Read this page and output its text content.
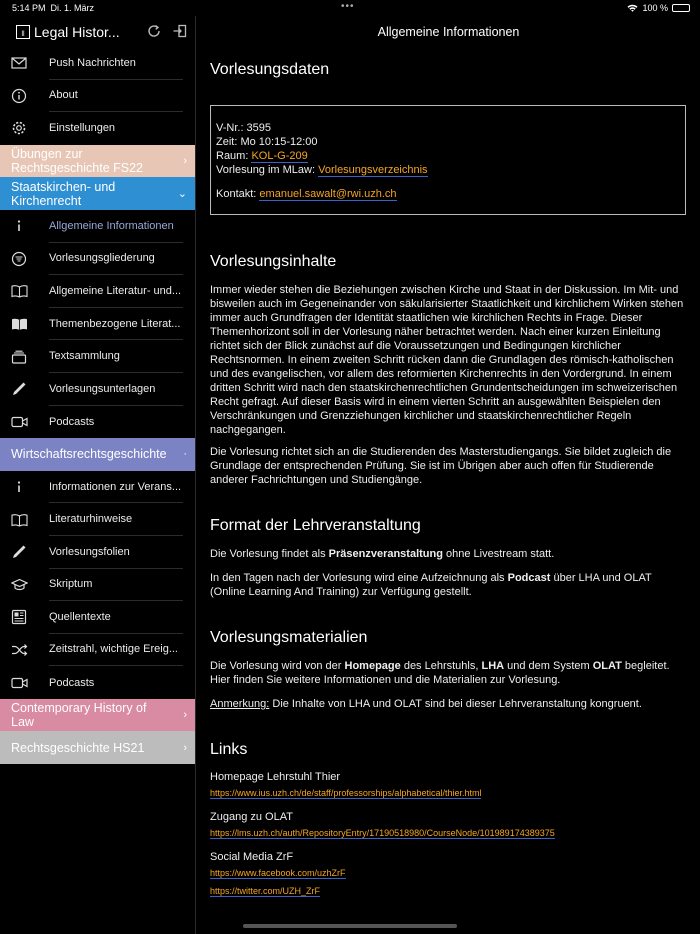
5:14 PM Di. 1. März	•••	100 %
ll Legal Histor...
Push Nachrichten
About
Einstellungen
Übungen zur Rechtsgeschichte FS22	›
Staatskirchen- und Kirchenrecht	⌄
Allgemeine Informationen
Vorlesungsgliederung
Allgemeine Literatur- und...
Themenbezogene Literat...
Textsammlung
Vorlesungsunterlagen
Podcasts
Wirtschaftsrechtsgeschichte ·
Informationen zur Verans...
Literaturhinweise
Vorlesungsfolien
Skriptum
Quellentexte
Zeitstrahl, wichtige Ereig...
Podcasts
Contemporary History of Law	›
Rechtsgeschichte HS21	›
Allgemeine Informationen
Vorlesungsdaten
V-Nr.: 3595
Zeit: Mo 10:15-12:00
Raum: KOL-G-209
Vorlesung im MLaw: Vorlesungsverzeichnis
Kontakt: emanuel.sawalt@rwi.uzh.ch
Vorlesungsinhalte

Immer wieder stehen die Beziehungen zwischen Kirche und Staat in der Diskussion. Im Mit- und bisweilen auch im Gegeneinander von säkularisierter Staatlichkeit und kirchlichem Wirken stehen immer auch Grundfragen der Identität staatlichen wie kirchlichen Rechts in Frage. Dieser Themenhorizont soll in der Vorlesung näher betrachtet werden. Nach einer kurzen Einleitung richtet sich der Blick zunächst auf die Voraussetzungen und Bedingungen kirchlicher Rechtsnormen. In einem zweiten Schritt rücken dann die Grundlagen des römisch-katholischen und des evangelischen, vor allem des reformierten Kirchenrechts in den Vordergrund. In einem dritten Schritt wird nach den staatskirchenrechtlichen Grundentscheidungen im schweizerischen Recht gefragt. Auf dieser Basis wird in einem vierten Schritt an ausgewählten Beispielen den Verschränkungen und Grenzziehungen kirchlicher und staatskirchenrechtlicher Regeln nachgegangen.

Die Vorlesung richtet sich an die Studierenden des Masterstudiengangs. Sie bildet zugleich die Grundlage der entsprechenden Prüfung. Sie ist im Übrigen aber auch offen für Studierende anderer Fachrichtungen und Studiengänge.

Format der Lehrveranstaltung

Die Vorlesung findet als Präsenzveranstaltung ohne Livestream statt.

In den Tagen nach der Vorlesung wird eine Aufzeichnung als Podcast über LHA und OLAT (Online Learning And Training) zur Verfügung gestellt.

Vorlesungsmaterialien

Die Vorlesung wird von der Homepage des Lehrstuhls, LHA und dem System OLAT begleitet. Hier finden Sie weitere Informationen und die Materialien zur Vorlesung.

Anmerkung: Die Inhalte von LHA und OLAT sind bei dieser Lehrveranstaltung kongruent.

Links
Homepage Lehrstuhl Thier
https://www.ius.uzh.ch/de/staff/professorships/alphabetical/thier.html
Zugang zu OLAT
https://lms.uzh.ch/auth/RepositoryEntry/17190518980/CourseNode/101989174389375
Social Media ZrF
https://www.facebook.com/uzhZrF
https://twitter.com/UZH_ZrF
